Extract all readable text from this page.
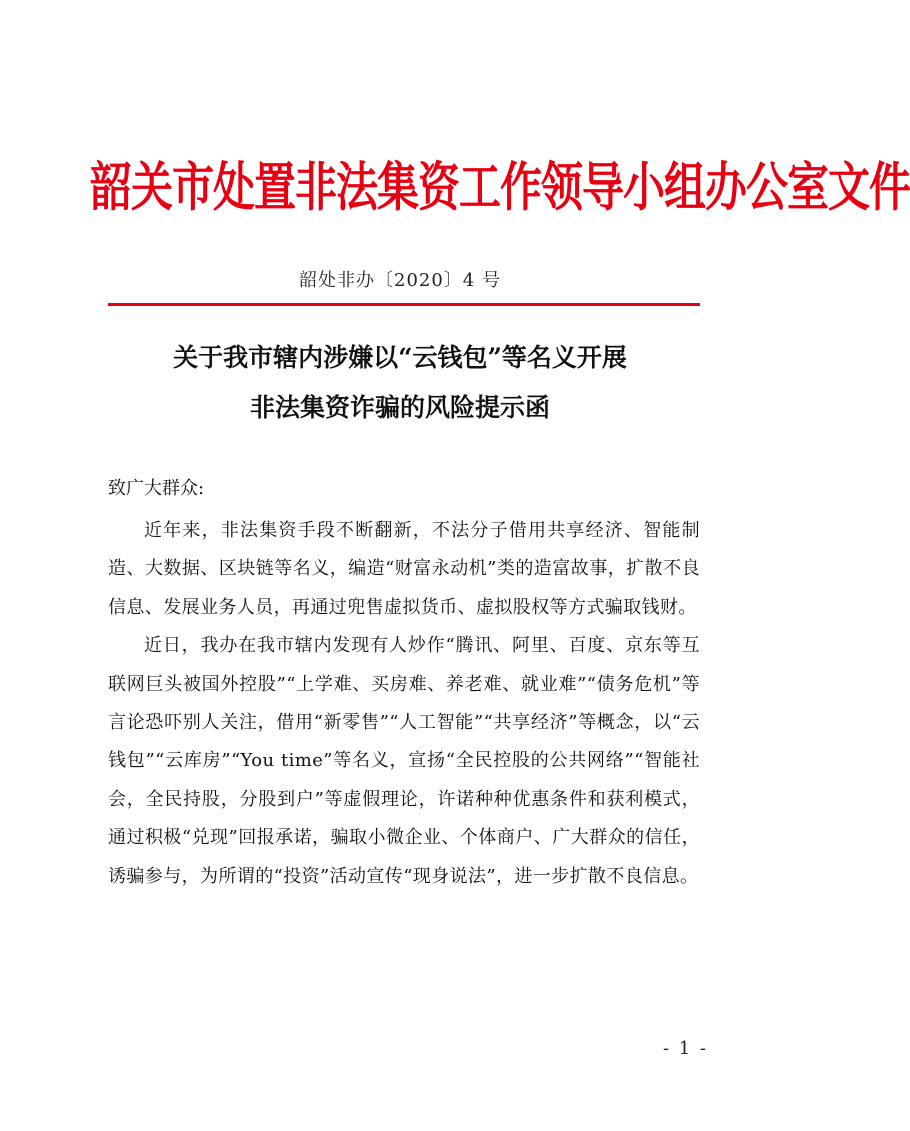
韶关市处置非法集资工作领导小组办公室文件
韶处非办〔2020〕4 号
关于我市辖内涉嫌以“云钱包”等名义开展
非法集资诈骗的风险提示函
致广大群众:

近年来，非法集资手段不断翻新，不法分子借用共享经济、智能制造、大数据、区块链等名义，编造“财富永动机”类的造富故事，扩散不良信息、发展业务人员，再通过兜售虚拟货币、虚拟股权等方式骗取钱财。

近日，我办在我市辖内发现有人炒作“腾讯、阿里、百度、京东等互联网巨头被国外控股”“上学难、买房难、养老难、就业难”“债务危机”等言论恐吓别人关注，借用“新零售”“人工智能”“共享经济”等概念，以“云钱包”“云库房”“You time”等名义，宣扬“全民控股的公共网络”“智能社会，全民持股，分股到户”等虚假理论，许诺种种优惠条件和获利模式，通过积极“兑现”回报承诺，骗取小微企业、个体商户、广大群众的信任，诱骗参与，为所谓的“投资”活动宣传“现身说法”，进一步扩散不良信息。

- 1 -
